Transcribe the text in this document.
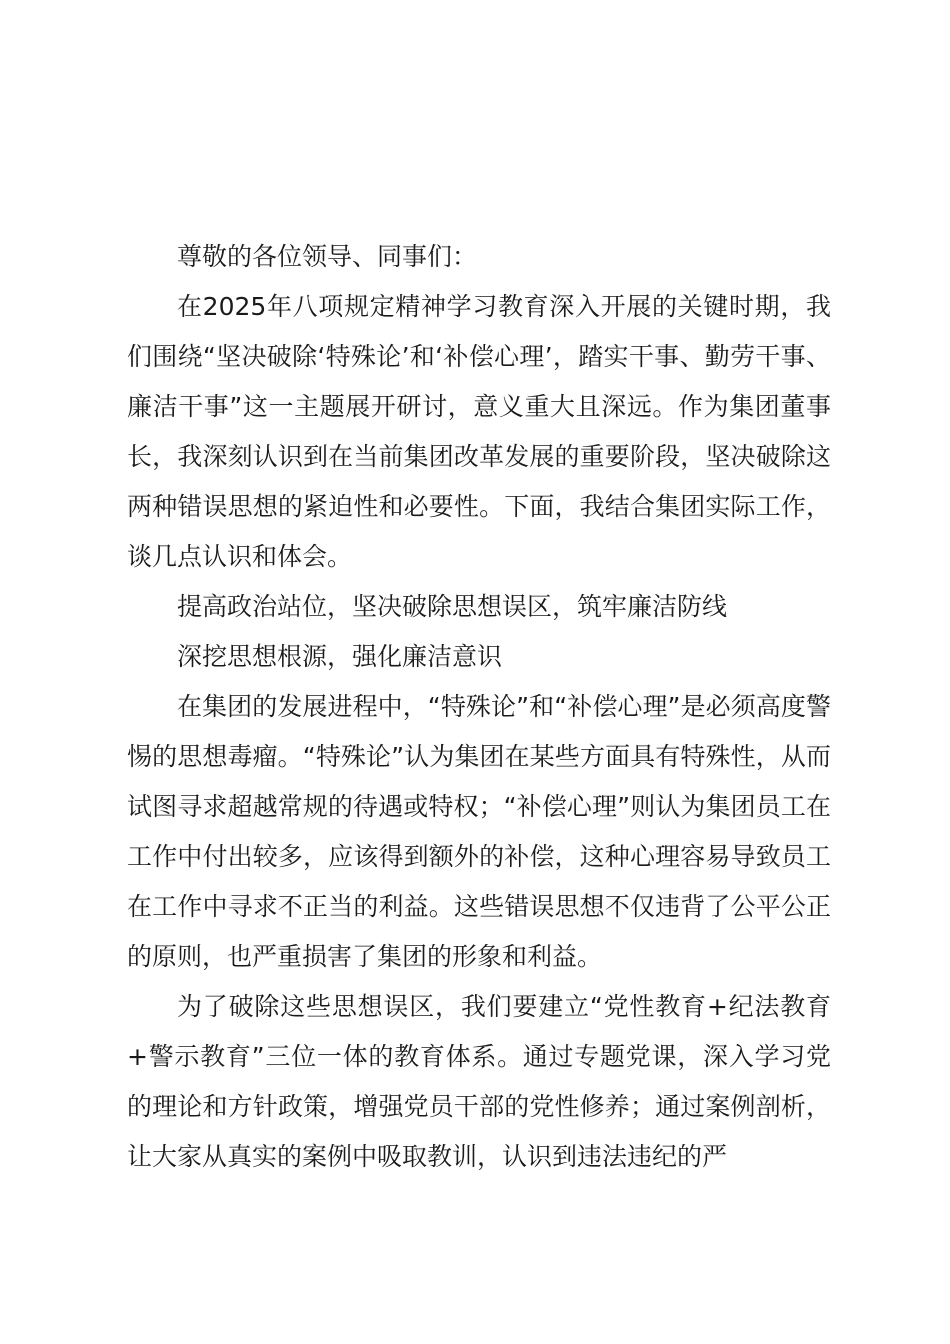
尊敬的各位领导、同事们：

在2025年八项规定精神学习教育深入开展的关键时期，我们围绕“坚决破除‘特殊论’和‘补偿心理’，踏实干事、勤劳干事、廉洁干事”这一主题展开研讨，意义重大且深远。作为集团董事长，我深刻认识到在当前集团改革发展的重要阶段，坚决破除这两种错误思想的紧迫性和必要性。下面，我结合集团实际工作，谈几点认识和体会。

提高政治站位，坚决破除思想误区，筑牢廉洁防线

深挖思想根源，强化廉洁意识

在集团的发展进程中，“特殊论”和“补偿心理”是必须高度警惕的思想毒瘤。“特殊论”认为集团在某些方面具有特殊性，从而试图寻求超越常规的待遇或特权；“补偿心理”则认为集团员工在工作中付出较多，应该得到额外的补偿，这种心理容易导致员工在工作中寻求不正当的利益。这些错误思想不仅违背了公平公正的原则，也严重损害了集团的形象和利益。

为了破除这些思想误区，我们要建立“党性教育+纪法教育+警示教育”三位一体的教育体系。通过专题党课，深入学习党的理论和方针政策，增强党员干部的党性修养；通过案例剖析，让大家从真实的案例中吸取教训，认识到违法违纪的严
